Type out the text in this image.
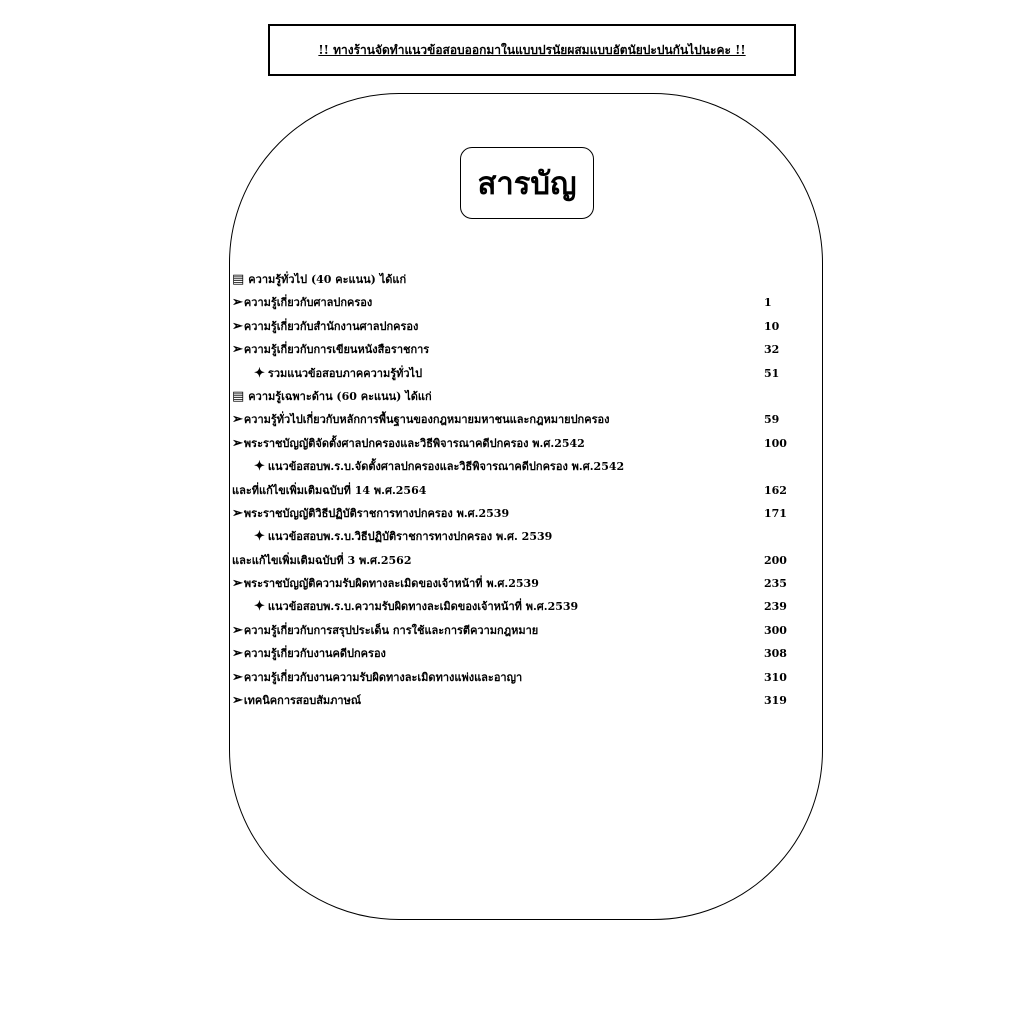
!! ทางร้านจัดทำแนวข้อสอบออกมาในแบบปรนัยผสมแบบอัตนัยปะปนกันไปนะคะ !!
สารบัญ
▤ ความรู้ทั่วไป (40 คะแนน) ได้แก่
➢ความรู้เกี่ยวกับศาลปกครอง	1
➢ความรู้เกี่ยวกับสำนักงานศาลปกครอง	10
➢ความรู้เกี่ยวกับการเขียนหนังสือราชการ	32
✦ รวมแนวข้อสอบภาคความรู้ทั่วไป	51
▤ ความรู้เฉพาะด้าน (60 คะแนน) ได้แก่
➢ความรู้ทั่วไปเกี่ยวกับหลักการพื้นฐานของกฎหมายมหาชนและกฎหมายปกครอง	59
➢พระราชบัญญัติจัดตั้งศาลปกครองและวิธีพิจารณาคดีปกครอง พ.ศ.2542	100
✦ แนวข้อสอบพ.ร.บ.จัดตั้งศาลปกครองและวิธีพิจารณาคดีปกครอง พ.ศ.2542
และที่แก้ไขเพิ่มเติมฉบับที่ 14 พ.ศ.2564	162
➢พระราชบัญญัติวิธีปฏิบัติราชการทางปกครอง พ.ศ.2539	171
✦ แนวข้อสอบพ.ร.บ.วิธีปฏิบัติราชการทางปกครอง พ.ศ. 2539
และแก้ไขเพิ่มเติมฉบับที่ 3 พ.ศ.2562	200
➢พระราชบัญญัติความรับผิดทางละเมิดของเจ้าหน้าที่ พ.ศ.2539	235
✦ แนวข้อสอบพ.ร.บ.ความรับผิดทางละเมิดของเจ้าหน้าที่ พ.ศ.2539	239
➢ความรู้เกี่ยวกับการสรุปประเด็น การใช้และการตีความกฎหมาย	300
➢ความรู้เกี่ยวกับงานคดีปกครอง	308
➢ความรู้เกี่ยวกับงานความรับผิดทางละเมิดทางแพ่งและอาญา	310
➢เทคนิคการสอบสัมภาษณ์	319
